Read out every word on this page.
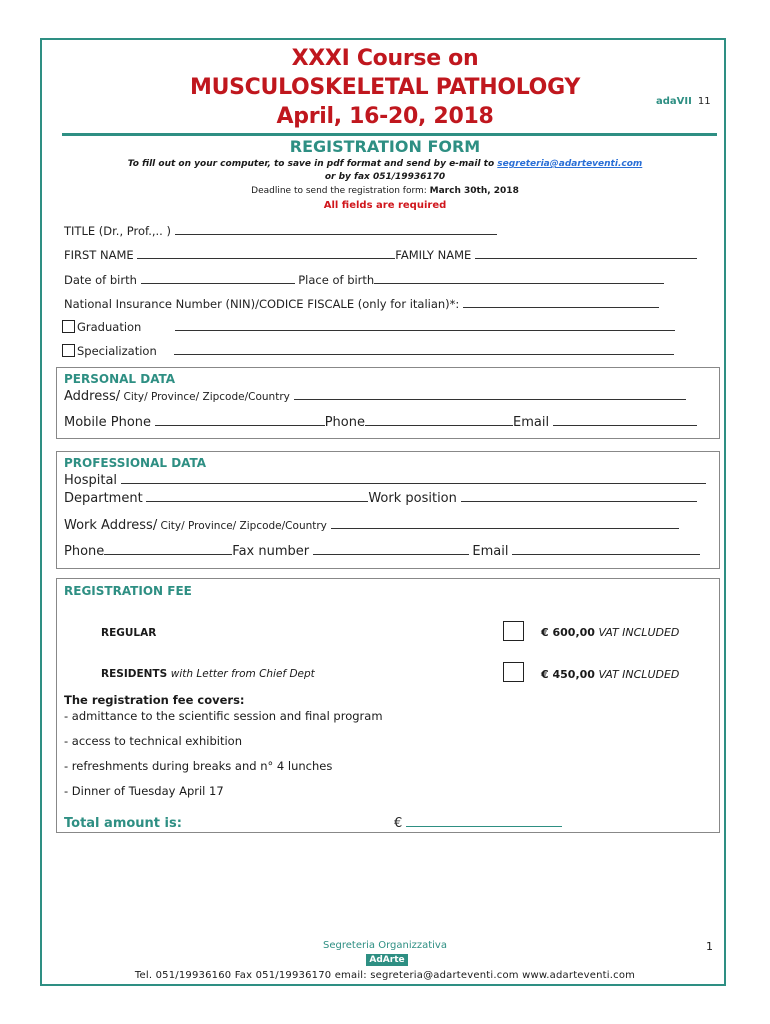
XXXI Course on
MUSCULOSKELETAL PATHOLOGY
April, 16-20, 2018
adaVII 11
REGISTRATION FORM
To fill out on your computer, to save in pdf format and send by e-mail to segreteria@adarteventi.com
or by fax 051/19936170
Deadline to send the registration form: March 30th, 2018
All fields are required
TITLE (Dr., Prof.,.. )
FIRST NAME	FAMILY NAME
Date of birth	Place of birth
National Insurance Number (NIN)/CODICE FISCALE (only for italian)*:
Graduation
Specialization
PERSONAL DATA
Address/ City/ Province/ Zipcode/Country
Mobile Phone	Phone	Email
PROFESSIONAL DATA
Hospital
Department	Work position
Work Address/ City/ Province/ Zipcode/Country
Phone	Fax number	Email
REGISTRATION FEE
REGULAR	€ 600,00 VAT INCLUDED
RESIDENTS with Letter from Chief Dept	€ 450,00 VAT INCLUDED
The registration fee covers:
- admittance to the scientific session and final program
- access to technical exhibition
- refreshments during breaks and n° 4 lunches
- Dinner of Tuesday April 17
Total amount is:	€
Segreteria Organizzativa
AdArte
Tel. 051/19936160 Fax 051/19936170 email: segreteria@adarteventi.com www.adarteventi.com
1
